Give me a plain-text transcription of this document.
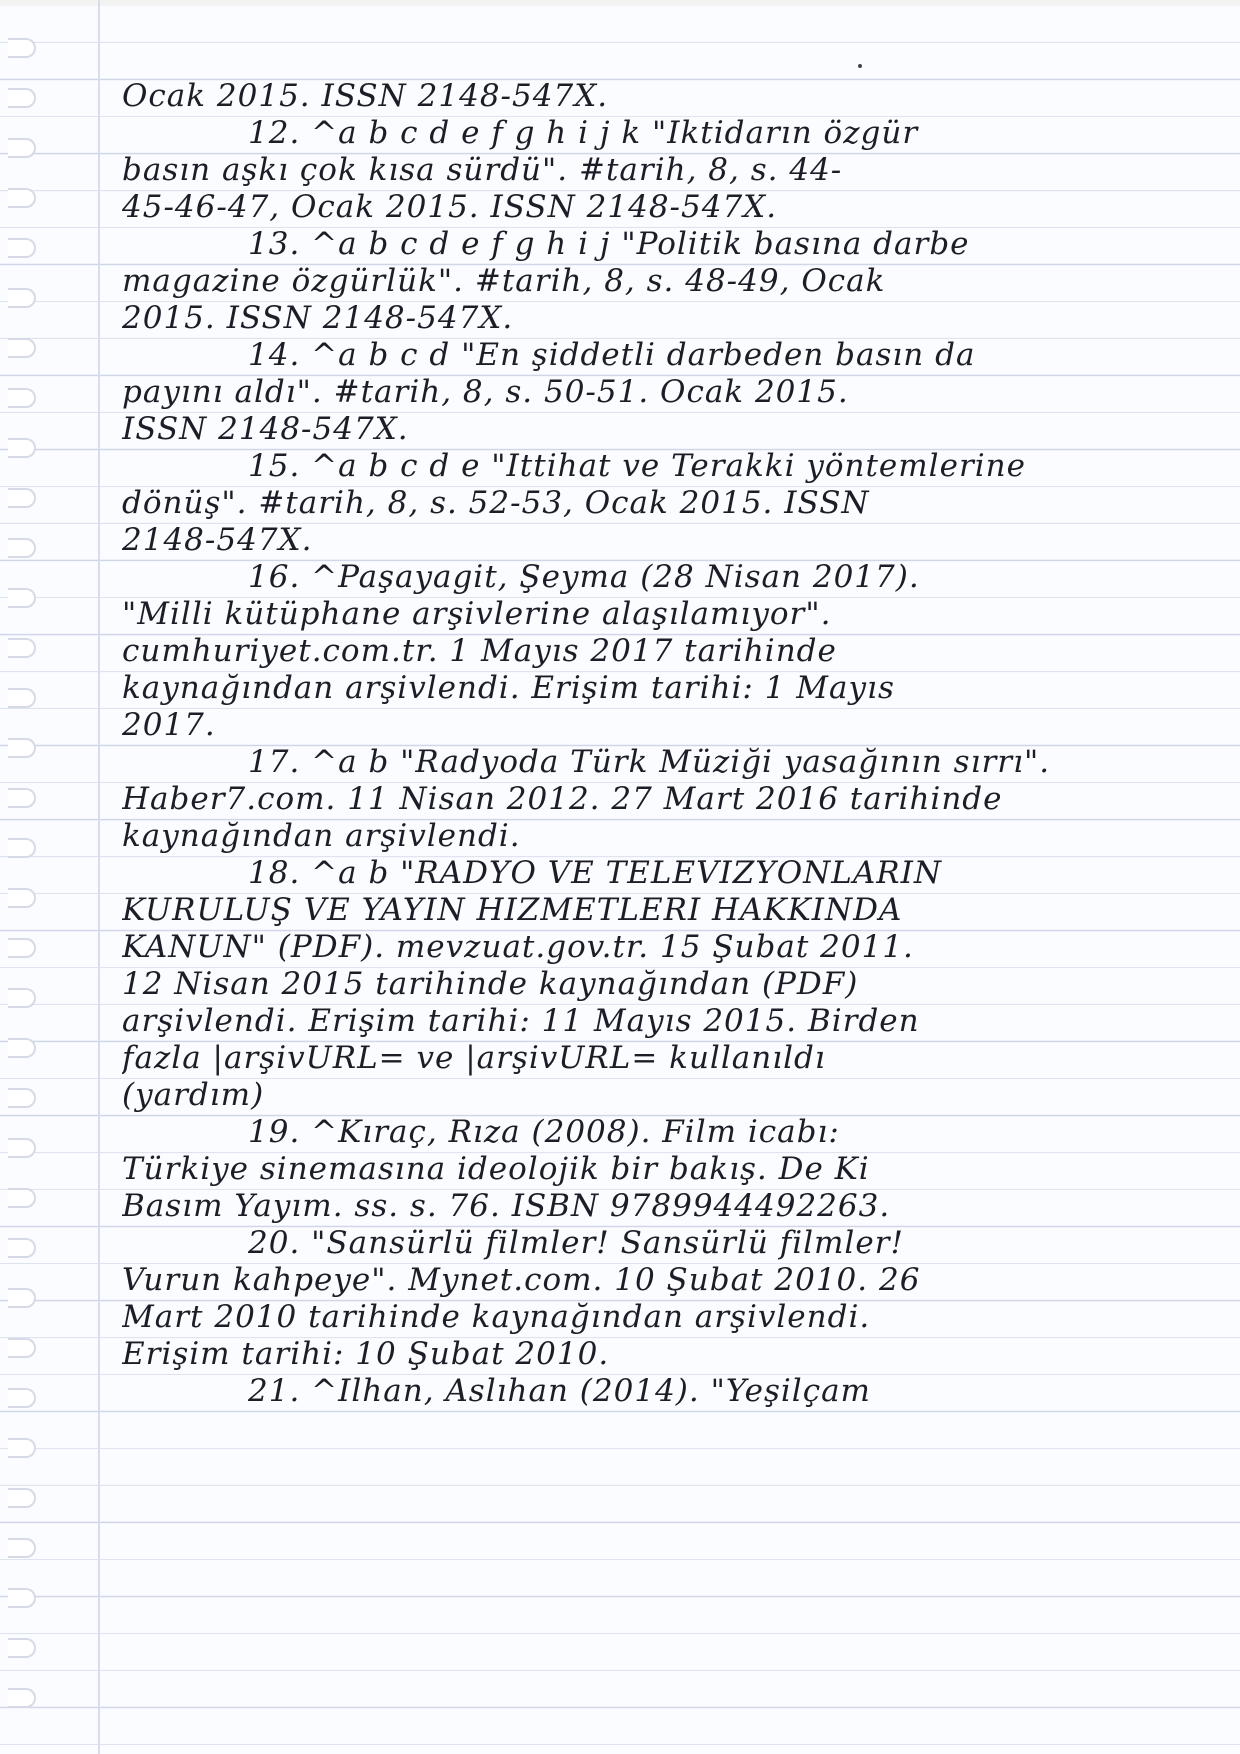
Ocak 2015. ISSN 2148-547X.
12. ^a b c d e f g h i j k "Iktidarın özgür
basın aşkı çok kısa sürdü". #tarih, 8, s. 44-
45-46-47, Ocak 2015. ISSN 2148-547X.
13. ^a b c d e f g h i j "Politik basına darbe
magazine özgürlük". #tarih, 8, s. 48-49, Ocak
2015. ISSN 2148-547X.
14. ^a b c d "En şiddetli darbeden basın da
payını aldı". #tarih, 8, s. 50-51. Ocak 2015.
ISSN 2148-547X.
15. ^a b c d e "Ittihat ve Terakki yöntemlerine
dönüş". #tarih, 8, s. 52-53, Ocak 2015. ISSN
2148-547X.
16. ^Paşayagit, Şeyma (28 Nisan 2017).
"Milli kütüphane arşivlerine alaşılamıyor".
cumhuriyet.com.tr. 1 Mayıs 2017 tarihinde
kaynağından arşivlendi. Erişim tarihi: 1 Mayıs
2017.
17. ^a b "Radyoda Türk Müziği yasağının sırrı".
Haber7.com. 11 Nisan 2012. 27 Mart 2016 tarihinde
kaynağından arşivlendi.
18. ^a b "RADYO VE TELEVIZYONLARIN
KURULUŞ VE YAYIN HIZMETLERI HAKKINDA
KANUN" (PDF). mevzuat.gov.tr. 15 Şubat 2011.
12 Nisan 2015 tarihinde kaynağından (PDF)
arşivlendi. Erişim tarihi: 11 Mayıs 2015. Birden
fazla |arşivURL= ve |arşivURL= kullanıldı
(yardım)
19. ^Kıraç, Rıza (2008). Film icabı:
Türkiye sinemasına ideolojik bir bakış. De Ki
Basım Yayım. ss. s. 76. ISBN 9789944492263.
20. "Sansürlü filmler! Sansürlü filmler!
Vurun kahpeye". Mynet.com. 10 Şubat 2010. 26
Mart 2010 tarihinde kaynağından arşivlendi.
Erişim tarihi: 10 Şubat 2010.
21. ^Ilhan, Aslıhan (2014). "Yeşilçam
